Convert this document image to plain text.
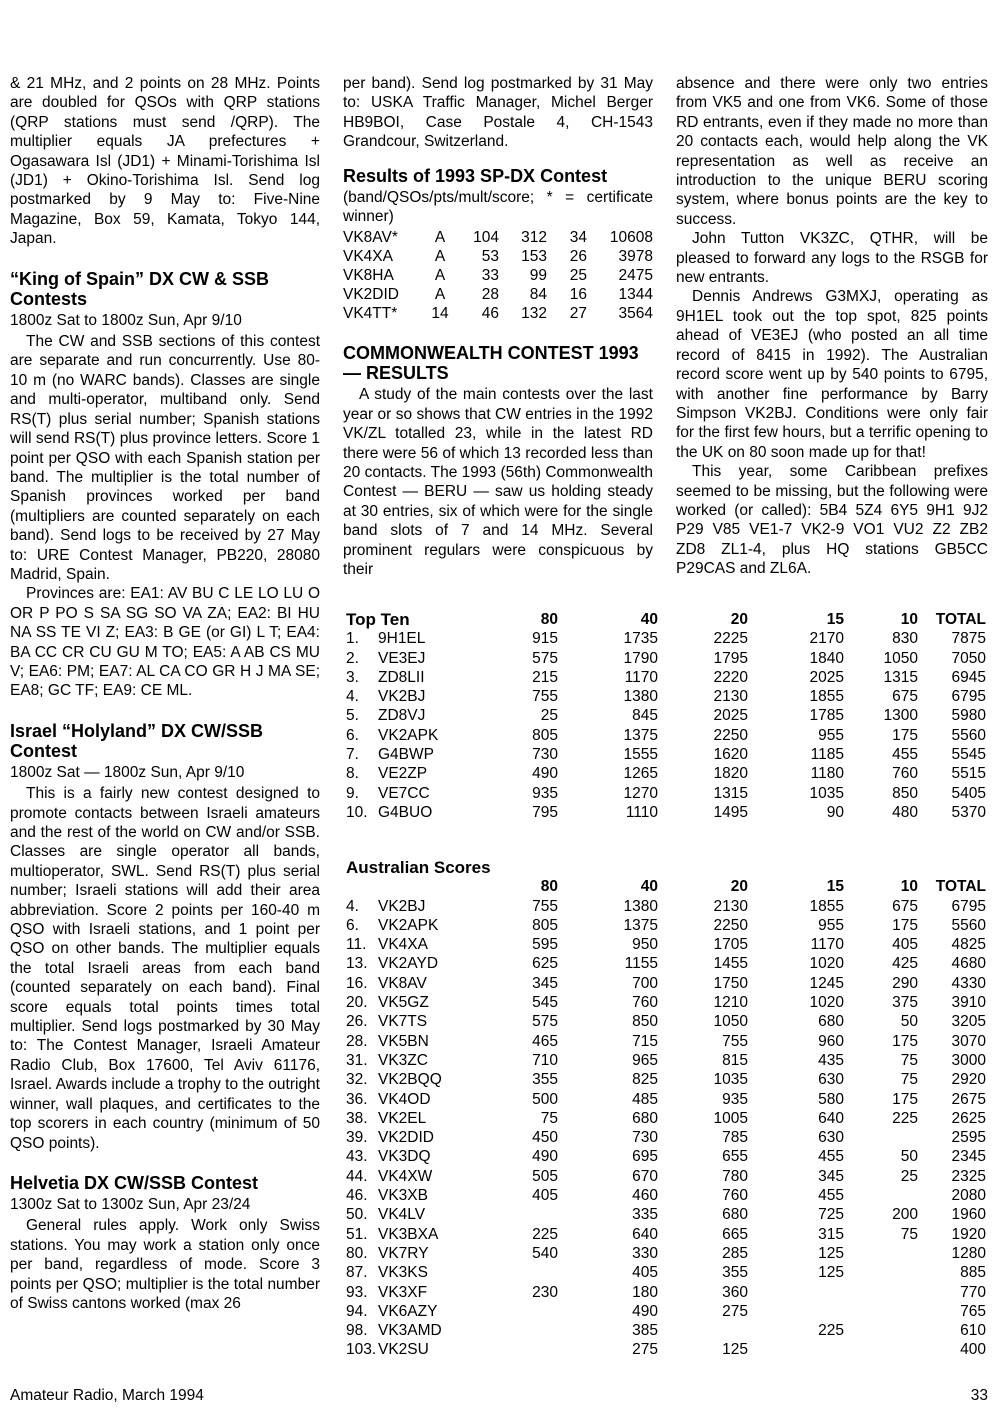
& 21 MHz, and 2 points on 28 MHz. Points are doubled for QSOs with QRP stations (QRP stations must send /QRP). The multiplier equals JA prefectures + Ogasawara Isl (JD1) + Minami-Torishima Isl (JD1) + Okino-Torishima Isl. Send log postmarked by 9 May to: Five-Nine Magazine, Box 59, Kamata, Tokyo 144, Japan.

“King of Spain” DX CW & SSB Contests
1800z Sat to 1800z Sun, Apr 9/10

The CW and SSB sections of this contest are separate and run concurrently. Use 80-10 m (no WARC bands). Classes are single and multi-operator, multiband only. Send RS(T) plus serial number; Spanish stations will send RS(T) plus province letters. Score 1 point per QSO with each Spanish station per band. The multiplier is the total number of Spanish provinces worked per band (multipliers are counted separately on each band). Send logs to be received by 27 May to: URE Contest Manager, PB220, 28080 Madrid, Spain.

Provinces are: EA1: AV BU C LE LO LU O OR P PO S SA SG SO VA ZA; EA2: BI HU NA SS TE VI Z; EA3: B GE (or GI) L T; EA4: BA CC CR CU GU M TO; EA5: A AB CS MU V; EA6: PM; EA7: AL CA CO GR H J MA SE; EA8; GC TF; EA9: CE ML.

Israel “Holyland” DX CW/SSB Contest
1800z Sat — 1800z Sun, Apr 9/10

This is a fairly new contest designed to promote contacts between Israeli amateurs and the rest of the world on CW and/or SSB. Classes are single operator all bands, multioperator, SWL. Send RS(T) plus serial number; Israeli stations will add their area abbreviation. Score 2 points per 160-40 m QSO with Israeli stations, and 1 point per QSO on other bands. The multiplier equals the total Israeli areas from each band (counted separately on each band). Final score equals total points times total multiplier. Send logs postmarked by 30 May to: The Contest Manager, Israeli Amateur Radio Club, Box 17600, Tel Aviv 61176, Israel. Awards include a trophy to the outright winner, wall plaques, and certificates to the top scorers in each country (minimum of 50 QSO points).

Helvetia DX CW/SSB Contest
1300z Sat to 1300z Sun, Apr 23/24

General rules apply. Work only Swiss stations. You may work a station only once per band, regardless of mode. Score 3 points per QSO; multiplier is the total number of Swiss cantons worked (max 26

per band). Send log postmarked by 31 May to: USKA Traffic Manager, Michel Berger HB9BOI, Case Postale 4, CH-1543 Grandcour, Switzerland.

Results of 1993 SP-DX Contest

(band/QSOs/pts/mult/score; * = certificate winner)

VK8AV*	A	104	312	34	10608
VK4XA	A	53	153	26	3978
VK8HA	A	33	99	25	2475
VK2DID	A	28	84	16	1344
VK4TT*	14	46	132	27	3564
COMMONWEALTH CONTEST 1993 — RESULTS

A study of the main contests over the last year or so shows that CW entries in the 1992 VK/ZL totalled 23, while in the latest RD there were 56 of which 13 recorded less than 20 contacts. The 1993 (56th) Commonwealth Contest — BERU — saw us holding steady at 30 entries, six of which were for the single band slots of 7 and 14 MHz. Several prominent regulars were conspicuous by their

absence and there were only two entries from VK5 and one from VK6. Some of those RD entrants, even if they made no more than 20 contacts each, would help along the VK representation as well as receive an introduction to the unique BERU scoring system, where bonus points are the key to success.

John Tutton VK3ZC, QTHR, will be pleased to forward any logs to the RSGB for new entrants.

Dennis Andrews G3MXJ, operating as 9H1EL took out the top spot, 825 points ahead of VE3EJ (who posted an all time record of 8415 in 1992). The Australian record score went up by 540 points to 6795, with another fine performance by Barry Simpson VK2BJ. Conditions were only fair for the first few hours, but a terrific opening to the UK on 80 soon made up for that!

This year, some Caribbean prefixes seemed to be missing, but the following were worked (or called): 5B4 5Z4 6Y5 9H1 9J2 P29 V85 VE1-7 VK2-9 VO1 VU2 Z2 ZB2 ZD8 ZL1-4, plus HQ stations GB5CC P29CAS and ZL6A.

Top Ten		80	40	20	15	10	TOTAL
1.	9H1EL	915	1735	2225	2170	830	7875
2.	VE3EJ	575	1790	1795	1840	1050	7050
3.	ZD8LII	215	1170	2220	2025	1315	6945
4.	VK2BJ	755	1380	2130	1855	675	6795
5.	ZD8VJ	25	845	2025	1785	1300	5980
6.	VK2APK	805	1375	2250	955	175	5560
7.	G4BWP	730	1555	1620	1185	455	5545
8.	VE2ZP	490	1265	1820	1180	760	5515
9.	VE7CC	935	1270	1315	1035	850	5405
10.	G4BUO	795	1110	1495	90	480	5370
Australian Scores							
		80	40	20	15	10	TOTAL
4.	VK2BJ	755	1380	2130	1855	675	6795
6.	VK2APK	805	1375	2250	955	175	5560
11.	VK4XA	595	950	1705	1170	405	4825
13.	VK2AYD	625	1155	1455	1020	425	4680
16.	VK8AV	345	700	1750	1245	290	4330
20.	VK5GZ	545	760	1210	1020	375	3910
26.	VK7TS	575	850	1050	680	50	3205
28.	VK5BN	465	715	755	960	175	3070
31.	VK3ZC	710	965	815	435	75	3000
32.	VK2BQQ	355	825	1035	630	75	2920
36.	VK4OD	500	485	935	580	175	2675
38.	VK2EL	75	680	1005	640	225	2625
39.	VK2DID	450	730	785	630		2595
43.	VK3DQ	490	695	655	455	50	2345
44.	VK4XW	505	670	780	345	25	2325
46.	VK3XB	405	460	760	455		2080
50.	VK4LV		335	680	725	200	1960
51.	VK3BXA	225	640	665	315	75	1920
80.	VK7RY	540	330	285	125		1280
87.	VK3KS		405	355	125		885
93.	VK3XF	230	180	360			770
94.	VK6AZY		490	275			765
98.	VK3AMD		385		225		610
103.	VK2SU		275	125			400
Amateur Radio, March 1994	33
